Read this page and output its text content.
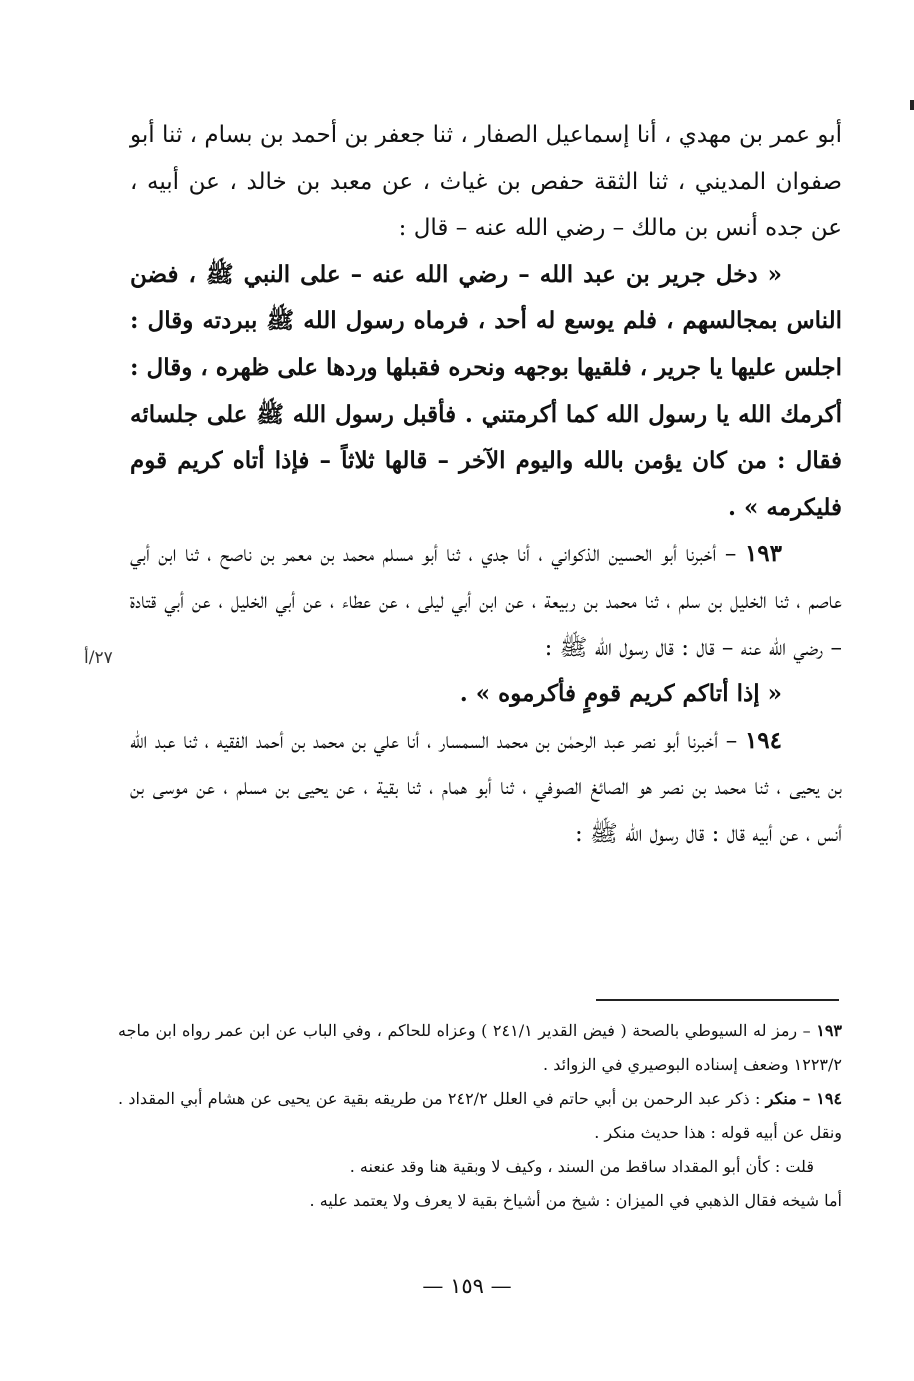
أبو عمر بن مهدي ، أنا إسماعيل الصفار ، ثنا جعفر بن أحمد بن بسام ، ثنا أبو صفوان المديني ، ثنا الثقة حفص بن غياث ، عن معبد بن خالد ، عن أبيه ، عن جده أنس بن مالك – رضي الله عنه – قال :

« دخل جرير بن عبد الله – رضي الله عنه – على النبي ﷺ ، فضن الناس بمجالسهم ، فلم يوسع له أحد ، فرماه رسول الله ﷺ ببردته وقال : اجلس عليها يا جرير ، فلقيها بوجهه ونحره فقبلها وردها على ظهره ، وقال : أكرمك الله يا رسول الله كما أكرمتني . فأقبل رسول الله ﷺ على جلسائه فقال : من كان يؤمن بالله واليوم الآخر – قالها ثلاثاً – فإذا أتاه كريم قوم فليكرمه » .

١٩٣ – أخبرنا أبو الحسين الذكواني ، أنا جدي ، ثنا أبو مسلم محمد بن معمر بن ناصح ، ثنا ابن أبي عاصم ، ثنا الخليل بن سلم ، ثنا محمد بن ربيعة ، عن ابن أبي ليلى ، عن عطاء ، عن أبي الخليل ، عن أبي قتادة – رضي الله عنه – قال : قال رسول الله ﷺ :

« إذا أتاكم كريم قومٍ فأكرموه » .

١٩٤ – أخبرنا أبو نصر عبد الرحمٰن بن محمد السمسار ، أنا علي بن محمد بن أحمد الفقيه ، ثنا عبد الله بن يحيى ، ثنا محمد بن نصر هو الصائغ الصوفي ، ثنا أبو همام ، ثنا بقية ، عن يحيى بن مسلم ، عن موسى بن أنس ، عن أبيه قال : قال رسول الله ﷺ :

٢٧/أ

١٩٣ – رمز له السيوطي بالصحة ( فيض القدير ٢٤١/١ ) وعزاه للحاكم ، وفي الباب عن ابن عمر رواه ابن ماجه ١٢٢٣/٢ وضعف إسناده البوصيري في الزوائد .

١٩٤ – منكر : ذكر عبد الرحمن بن أبي حاتم في العلل ٢٤٢/٢ من طريقه بقية عن يحيى عن هشام أبي المقداد . ونقل عن أبيه قوله : هذا حديث منكر .

قلت : كأن أبو المقداد ساقط من السند ، وكيف لا وبقية هنا وقد عنعنه .

أما شيخه فقال الذهبي في الميزان : شيخ من أشياخ بقية لا يعرف ولا يعتمد عليه .

— ١٥٩ —
